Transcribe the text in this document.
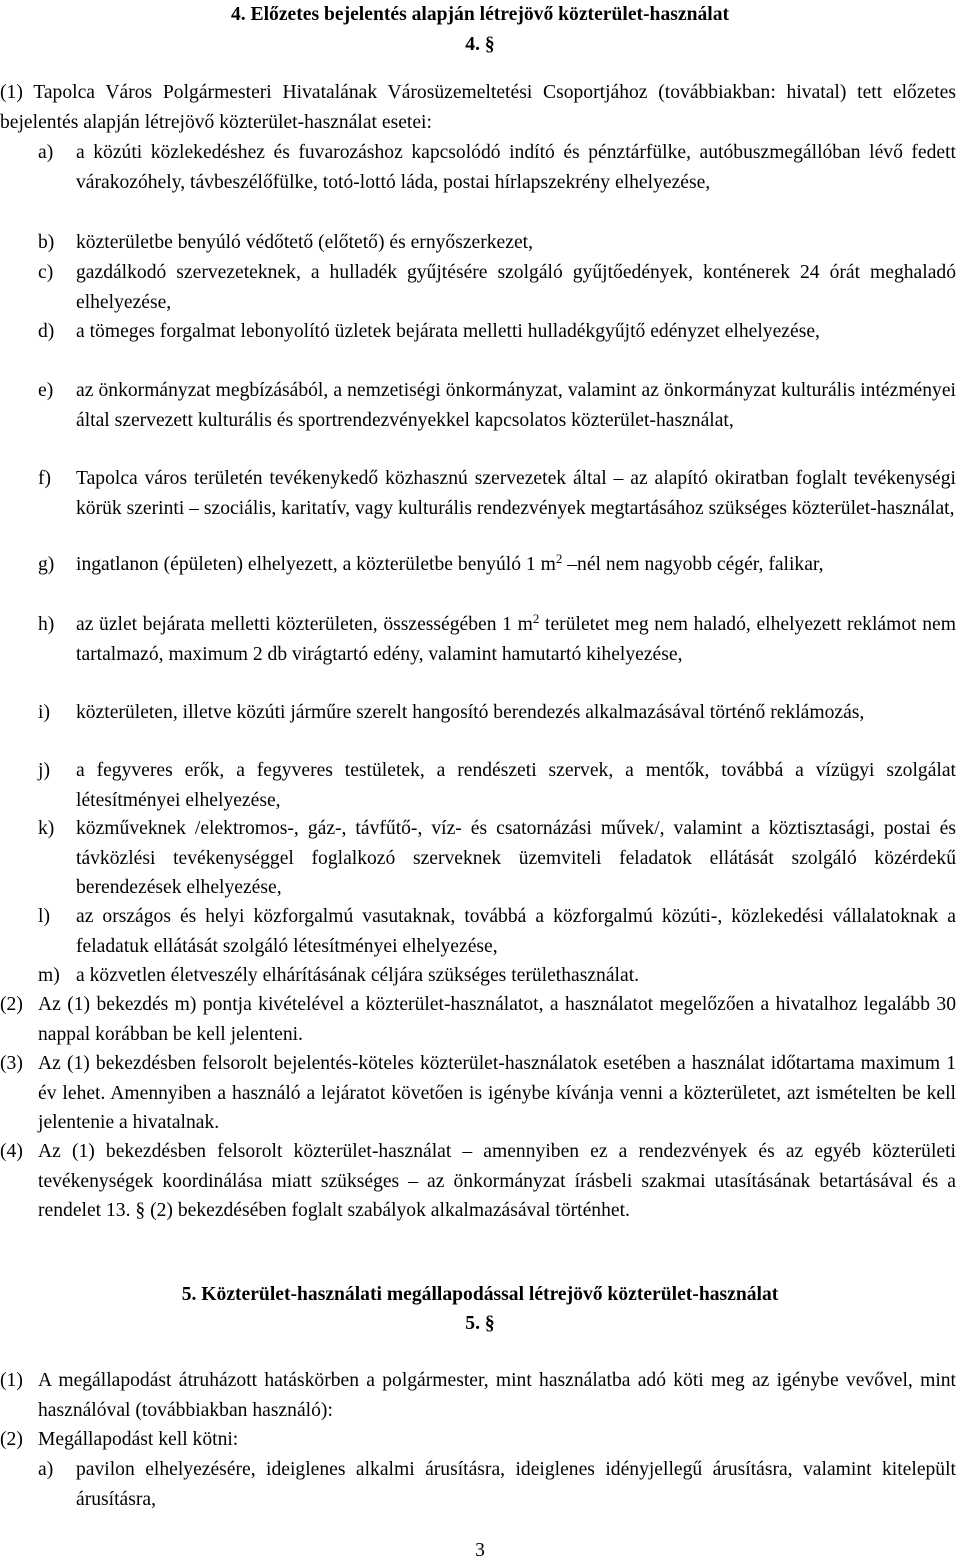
4. Előzetes bejelentés alapján létrejövő közterület-használat
4. §

(1) Tapolca Város Polgármesteri Hivatalának Városüzemeltetési Csoportjához (továbbiakban: hivatal) tett előzetes bejelentés alapján létrejövő közterület-használat esetei:

a) a közúti közlekedéshez és fuvarozáshoz kapcsolódó indító és pénztárfülke, autóbuszmegállóban lévő fedett várakozóhely, távbeszélőfülke, totó-lottó láda, postai hírlapszekrény elhelyezése,
b) közterületbe benyúló védőtető (előtető) és ernyőszerkezet,
c) gazdálkodó szervezeteknek, a hulladék gyűjtésére szolgáló gyűjtőedények, konténerek 24 órát meghaladó elhelyezése,
d) a tömeges forgalmat lebonyolító üzletek bejárata melletti hulladékgyűjtő edényzet elhelyezése,
e) az önkormányzat megbízásából, a nemzetiségi önkormányzat, valamint az önkormányzat kulturális intézményei által szervezett kulturális és sportrendezvényekkel kapcsolatos közterület-használat,
f) Tapolca város területén tevékenykedő közhasznú szervezetek által – az alapító okiratban foglalt tevékenységi körük szerinti – szociális, karitatív, vagy kulturális rendezvények megtartásához szükséges közterület-használat,
g) ingatlanon (épületen) elhelyezett, a közterületbe benyúló 1 $m^2$ –nél nem nagyobb cégér, falikar,
h) az üzlet bejárata melletti közterületen, összességében 1 $m^2$ területet meg nem haladó, elhelyezett reklámot nem tartalmazó, maximum 2 db virágtartó edény, valamint hamutartó kihelyezése,
i) közterületen, illetve közúti járműre szerelt hangosító berendezés alkalmazásával történő reklámozás,
j) a fegyveres erők, a fegyveres testületek, a rendészeti szervek, a mentők, továbbá a vízügyi szolgálat létesítményei elhelyezése,
k) közműveknek /elektromos-, gáz-, távfűtő-, víz- és csatornázási művek/, valamint a köztisztasági, postai és távközlési tevékenységgel foglalkozó szerveknek üzemviteli feladatok ellátását szolgáló közérdekű berendezések elhelyezése,
l) az országos és helyi közforgalmú vasutaknak, továbbá a közforgalmú közúti-, közlekedési vállalatoknak a feladatuk ellátását szolgáló létesítményei elhelyezése,
m) a közvetlen életveszély elhárításának céljára szükséges területhasználat.
(2) Az (1) bekezdés m) pontja kivételével a közterület-használatot, a használatot megelőzően a hivatalhoz legalább 30 nappal korábban be kell jelenteni.
(3) Az (1) bekezdésben felsorolt bejelentés-köteles közterület-használatok esetében a használat időtartama maximum 1 év lehet. Amennyiben a használó a lejáratot követően is igénybe kívánja venni a közterületet, azt ismételten be kell jelentenie a hivatalnak.
(4) Az (1) bekezdésben felsorolt közterület-használat – amennyiben ez a rendezvények és az egyéb közterületi tevékenységek koordinálása miatt szükséges – az önkormányzat írásbeli szakmai utasításának betartásával és a rendelet 13. § (2) bekezdésében foglalt szabályok alkalmazásával történhet.
5. Közterület-használati megállapodással létrejövő közterület-használat
5. §
(1) A megállapodást átruházott hatáskörben a polgármester, mint használatba adó köti meg az igénybe vevővel, mint használóval (továbbiakban használó):
(2) Megállapodást kell kötni:
a) pavilon elhelyezésére, ideiglenes alkalmi árusításra, ideiglenes idényjellegű árusításra, valamint kitelepült árusításra,
3
